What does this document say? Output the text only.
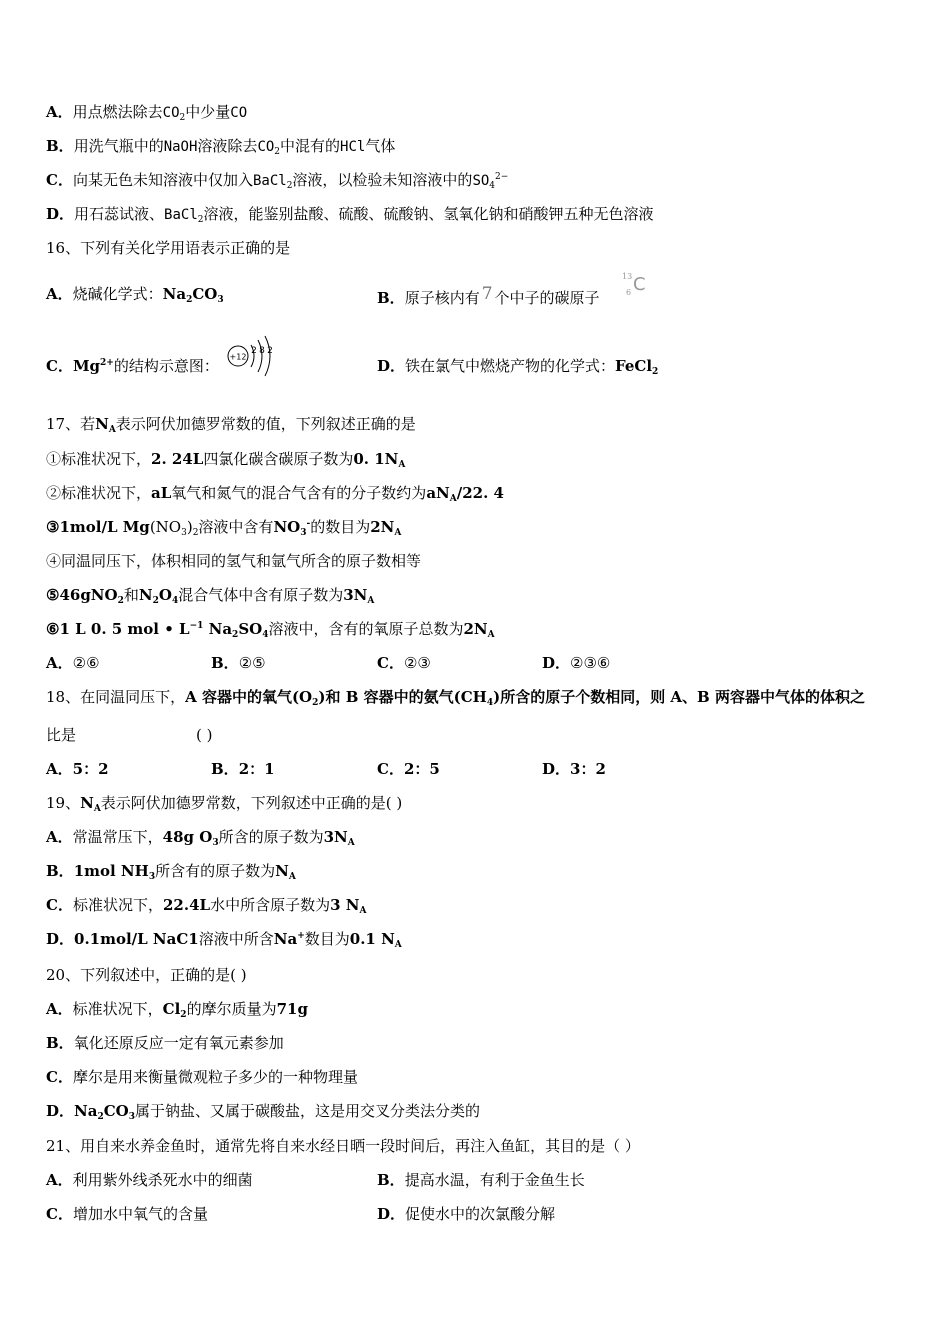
A．用点燃法除去$CO_2$中少量CO
B．用洗气瓶中的NaOH溶液除去$CO_2$中混有的HCl气体
C．向某无色未知溶液中仅加入BaCl$_2$溶液，以检验未知溶液中的$SO_4^{2-}$
D．用石蕊试液、BaCl$_2$溶液，能鉴别盐酸、硫酸、硫酸钠、氢氧化钠和硝酸钾五种无色溶液
16、下列有关化学用语表示正确的是
A．烧碱化学式：$Na_2CO_3$	B．原子核内有 7 个中子的碳原子
13
6 C
C．$Mg^{2+}$的结构示意图： +12
2 8 2
D．铁在氯气中燃烧产物的化学式：FeCl$_2$
17、若$N_A$表示阿伏加德罗常数的值，下列叙述正确的是
①标准状况下，2. 24L四氯化碳含碳原子数为0. $1N_A$
②标准状况下，aL氧气和氮气的混合气含有的分子数约为$aN_A/22$. 4
③1mol/L $Mg(NO_3)_2$溶液中含有$NO_3^-$的数目为$2N_A$
④同温同压下，体积相同的氢气和氩气所含的原子数相等
⑤46gNO$_2$和$N_2O_4$混合气体中含有原子数为$3N_A$
⑥1 L 0. 5 mol • $L^{-1}$ $Na_2SO_4$溶液中，含有的氧原子总数为$2N_A$
A．②⑥	B．②⑤	C．②③	D．②③⑥
18、在同温同压下，A 容器中的氧气$(O_2)$和 B 容器中的氨气$(CH_4)$所含的原子个数相同，则 A、B 两容器中气体的体积之
比是	( )
A．5：2	B．2：1	C．2：5	D．3：2
19、$N_A$表示阿伏加德罗常数，下列叙述中正确的是( )
A．常温常压下，48g $O_3$所含的原子数为$3N_A$
B．1mol $NH_3$所含有的原子数为$N_A$
C．标准状况下，22.4L水中所含原子数为3 $N_A$
D．0.1mol/L NaC1溶液中所含Na+数目为0.1 $N_A$
20、下列叙述中，正确的是( )
A．标准状况下，$Cl_2$的摩尔质量为71g
B．氧化还原反应一定有氧元素参加
C．摩尔是用来衡量微观粒子多少的一种物理量
D．$Na_2CO_3$属于钠盐、又属于碳酸盐，这是用交叉分类法分类的
21、用自来水养金鱼时，通常先将自来水经日晒一段时间后，再注入鱼缸，其目的是（ ）
A．利用紫外线杀死水中的细菌	B．提高水温，有利于金鱼生长
C．增加水中氧气的含量	D．促使水中的次氯酸分解
